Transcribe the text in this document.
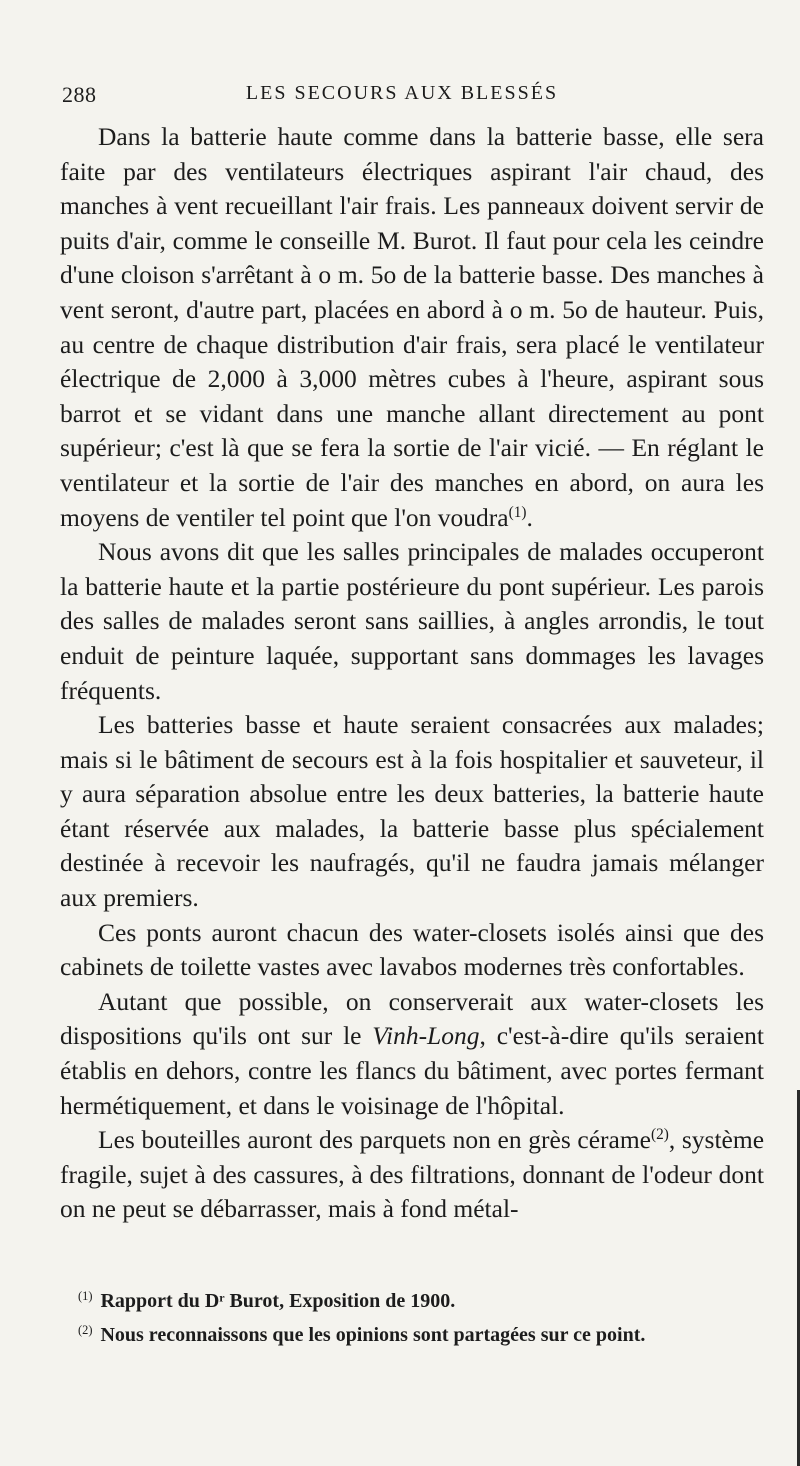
288	LES SECOURS AUX BLESSÉS

Dans la batterie haute comme dans la batterie basse, elle sera faite par des ventilateurs électriques aspirant l'air chaud, des manches à vent recueillant l'air frais. Les panneaux doivent servir de puits d'air, comme le conseille M. Burot. Il faut pour cela les ceindre d'une cloison s'arrêtant à o m. 5o de la batterie basse. Des manches à vent seront, d'autre part, placées en abord à o m. 5o de hauteur. Puis, au centre de chaque distribution d'air frais, sera placé le ventilateur électrique de 2,000 à 3,000 mètres cubes à l'heure, aspirant sous barrot et se vidant dans une manche allant directement au pont supérieur; c'est là que se fera la sortie de l'air vicié. — En réglant le ventilateur et la sortie de l'air des manches en abord, on aura les moyens de ventiler tel point que l'on voudra$^{(1)}$.

Nous avons dit que les salles principales de malades occuperont la batterie haute et la partie postérieure du pont supérieur. Les parois des salles de malades seront sans saillies, à angles arrondis, le tout enduit de peinture laquée, supportant sans dommages les lavages fréquents.

Les batteries basse et haute seraient consacrées aux malades; mais si le bâtiment de secours est à la fois hospitalier et sauveteur, il y aura séparation absolue entre les deux batteries, la batterie haute étant réservée aux malades, la batterie basse plus spécialement destinée à recevoir les naufragés, qu'il ne faudra jamais mélanger aux premiers.

Ces ponts auront chacun des water-closets isolés ainsi que des cabinets de toilette vastes avec lavabos modernes très confortables.

Autant que possible, on conserverait aux water-closets les dispositions qu'ils ont sur le Vinh-Long, c'est-à-dire qu'ils seraient établis en dehors, contre les flancs du bâtiment, avec portes fermant hermétiquement, et dans le voisinage de l'hôpital.

Les bouteilles auront des parquets non en grès cérame$^{(2)}$, système fragile, sujet à des cassures, à des filtrations, donnant de l'odeur dont on ne peut se débarrasser, mais à fond métal-

$^{(1)}$ Rapport du Dʳ Burot, Exposition de 1900.
$^{(2)}$ Nous reconnaissons que les opinions sont partagées sur ce point.
